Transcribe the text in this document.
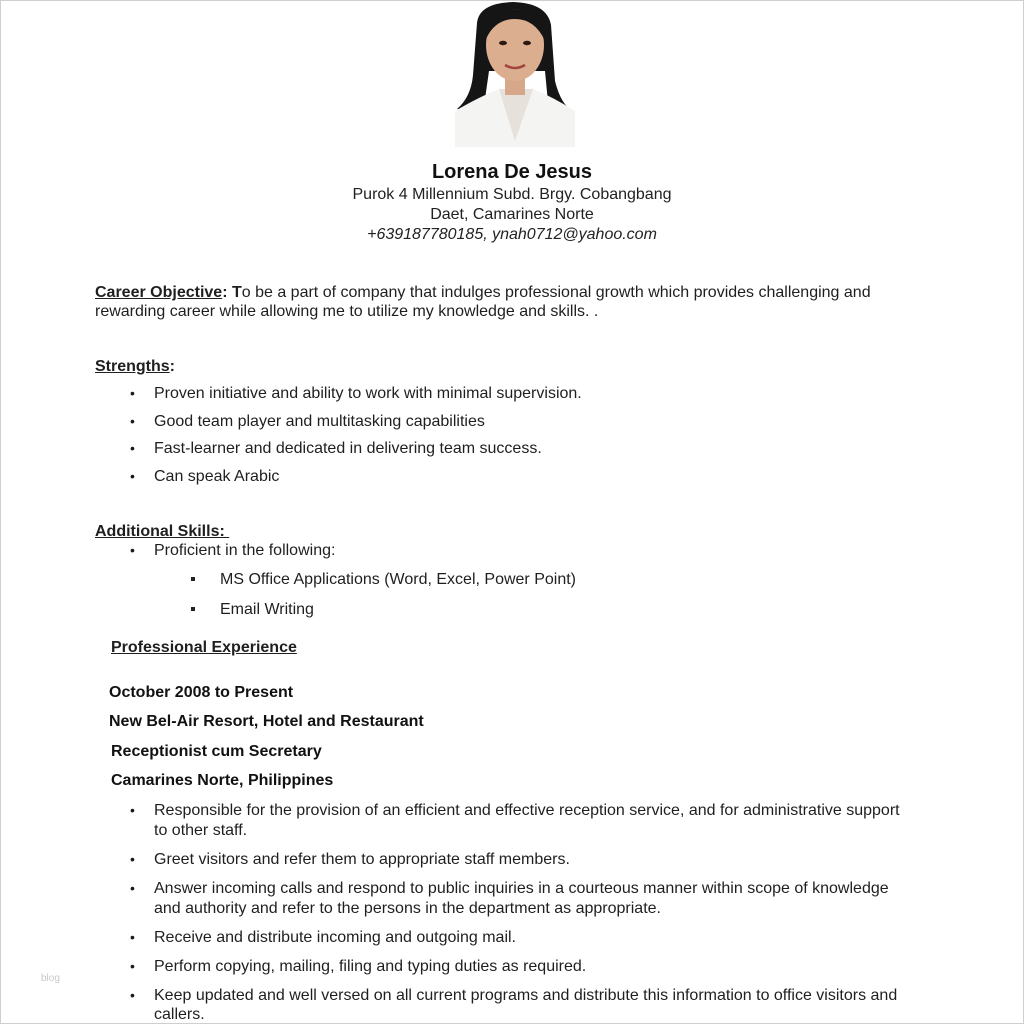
Lorena De Jesus
Purok 4 Millennium Subd. Brgy. Cobangbang
Daet, Camarines Norte
+639187780185, ynah0712@yahoo.com
Career Objective: To be a part of company that indulges professional growth which provides challenging and
rewarding career while allowing me to utilize my knowledge and skills. .
Strengths:
• Proven initiative and ability to work with minimal supervision.
• Good team player and multitasking capabilities
• Fast-learner and dedicated in delivering team success.
• Can speak Arabic
Additional Skills:
• Proficient in the following:
MS Office Applications (Word, Excel, Power Point)
Email Writing
Professional Experience
October 2008 to Present
New Bel-Air Resort, Hotel and Restaurant
Receptionist cum Secretary
Camarines Norte, Philippines
• Responsible for the provision of an efficient and effective reception service, and for administrative support
to other staff.
• Greet visitors and refer them to appropriate staff members.
• Answer incoming calls and respond to public inquiries in a courteous manner within scope of knowledge
and authority and refer to the persons in the department as appropriate.
• Receive and distribute incoming and outgoing mail.
• Perform copying, mailing, filing and typing duties as required.
• Keep updated and well versed on all current programs and distribute this information to office visitors and
callers.
blog
